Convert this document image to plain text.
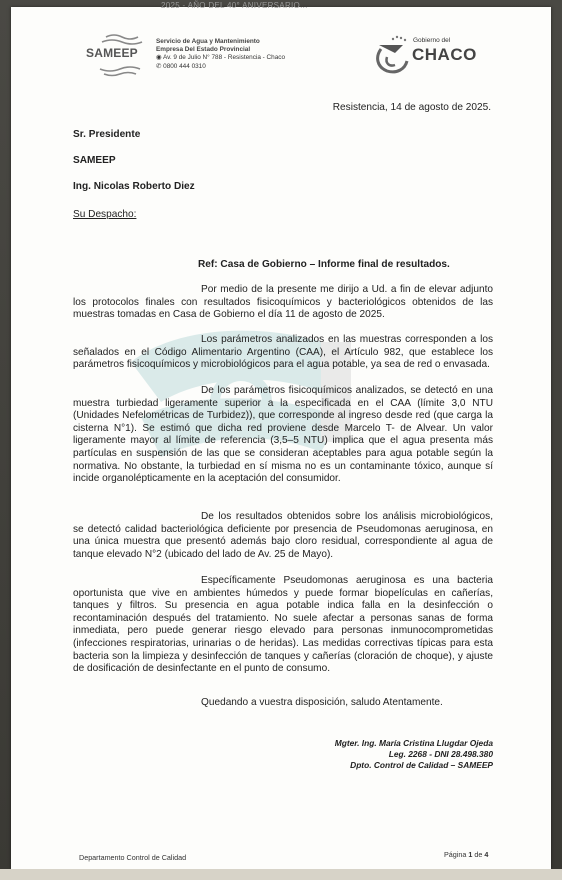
2025 - AÑO DEL 40° ANIVERSARIO...
SAMEEP
Servicio de Agua y Mantenimiento
Empresa Del Estado Provincial
◉ Av. 9 de Julio N° 788 - Resistencia - Chaco
✆ 0800 444 0310
Gobierno del
CHACO
Resistencia, 14 de agosto de 2025.
Sr. Presidente
SAMEEP
Ing. Nicolas Roberto Diez
Su Despacho:
Ref: Casa de Gobierno – Informe final de resultados.
Por medio de la presente me dirijo a Ud. a fin de elevar adjunto los protocolos finales con resultados fisicoquímicos y bacteriológicos obtenidos de las muestras tomadas en Casa de Gobierno el día 11 de agosto de 2025.
Los parámetros analizados en las muestras corresponden a los señalados en el Código Alimentario Argentino (CAA), el Artículo 982, que establece los parámetros fisicoquímicos y microbiológicos para el agua potable, ya sea de red o envasada.
De los parámetros fisicoquímicos analizados, se detectó en una muestra turbiedad ligeramente superior a la especificada en el CAA (límite 3,0 NTU (Unidades Nefelométricas de Turbidez)), que corresponde al ingreso desde red (que carga la cisterna N°1). Se estimó que dicha red proviene desde Marcelo T- de Alvear. Un valor ligeramente mayor al límite de referencia (3,5–5 NTU) implica que el agua presenta más partículas en suspensión de las que se consideran aceptables para agua potable según la normativa. No obstante, la turbiedad en sí misma no es un contaminante tóxico, aunque sí incide organolépticamente en la aceptación del consumidor.
De los resultados obtenidos sobre los análisis microbiológicos, se detectó calidad bacteriológica deficiente por presencia de Pseudomonas aeruginosa, en una única muestra que presentó además bajo cloro residual, correspondiente al agua de tanque elevado N°2 (ubicado del lado de Av. 25 de Mayo).
Específicamente Pseudomonas aeruginosa es una bacteria oportunista que vive en ambientes húmedos y puede formar biopelículas en cañerías, tanques y filtros. Su presencia en agua potable indica falla en la desinfección o recontaminación después del tratamiento. No suele afectar a personas sanas de forma inmediata, pero puede generar riesgo elevado para personas inmunocomprometidas (infecciones respiratorias, urinarias o de heridas). Las medidas correctivas típicas para esta bacteria son la limpieza y desinfección de tanques y cañerías (cloración de choque), y ajuste de dosificación de desinfectante en el punto de consumo.
Quedando a vuestra disposición, saludo Atentamente.
Mgter. Ing. María Cristina Llugdar Ojeda
Leg. 2268 - DNI 28.498.380
Dpto. Control de Calidad – SAMEEP
Departamento Control de Calidad	Página 1 de 4
